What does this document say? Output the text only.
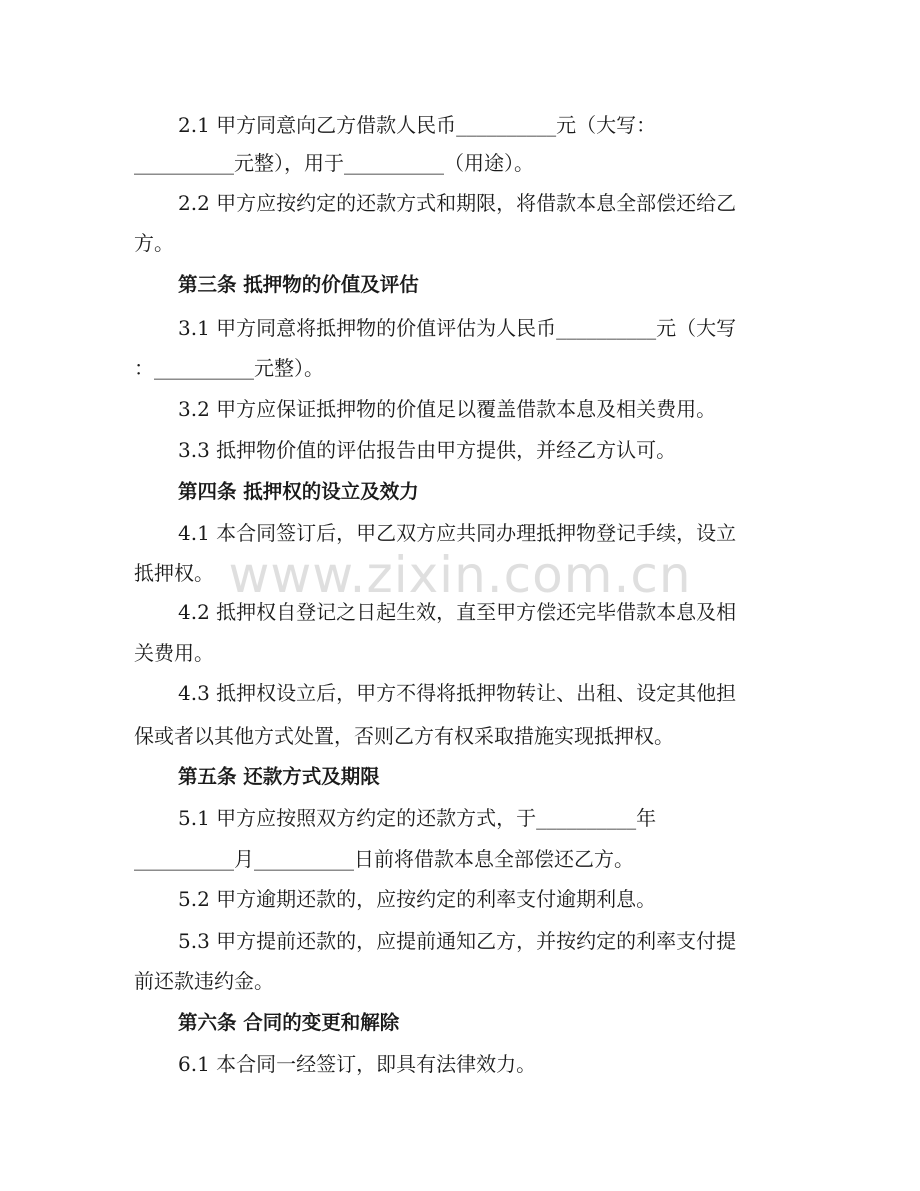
2.1 甲方同意向乙方借款人民币__________元（大写：
__________元整），用于__________（用途）。
2.2 甲方应按约定的还款方式和期限，将借款本息全部偿还给乙
方。
第三条 抵押物的价值及评估
3.1 甲方同意将抵押物的价值评估为人民币__________元（大写
：__________元整）。
3.2 甲方应保证抵押物的价值足以覆盖借款本息及相关费用。
3.3 抵押物价值的评估报告由甲方提供，并经乙方认可。
第四条 抵押权的设立及效力
4.1 本合同签订后，甲乙双方应共同办理抵押物登记手续，设立
抵押权。
4.2 抵押权自登记之日起生效，直至甲方偿还完毕借款本息及相
关费用。
4.3 抵押权设立后，甲方不得将抵押物转让、出租、设定其他担
保或者以其他方式处置，否则乙方有权采取措施实现抵押权。
第五条 还款方式及期限
5.1 甲方应按照双方约定的还款方式，于__________年
__________月__________日前将借款本息全部偿还乙方。
5.2 甲方逾期还款的，应按约定的利率支付逾期利息。
5.3 甲方提前还款的，应提前通知乙方，并按约定的利率支付提
前还款违约金。
第六条 合同的变更和解除
6.1 本合同一经签订，即具有法律效力。
www.zixin.com.cn
